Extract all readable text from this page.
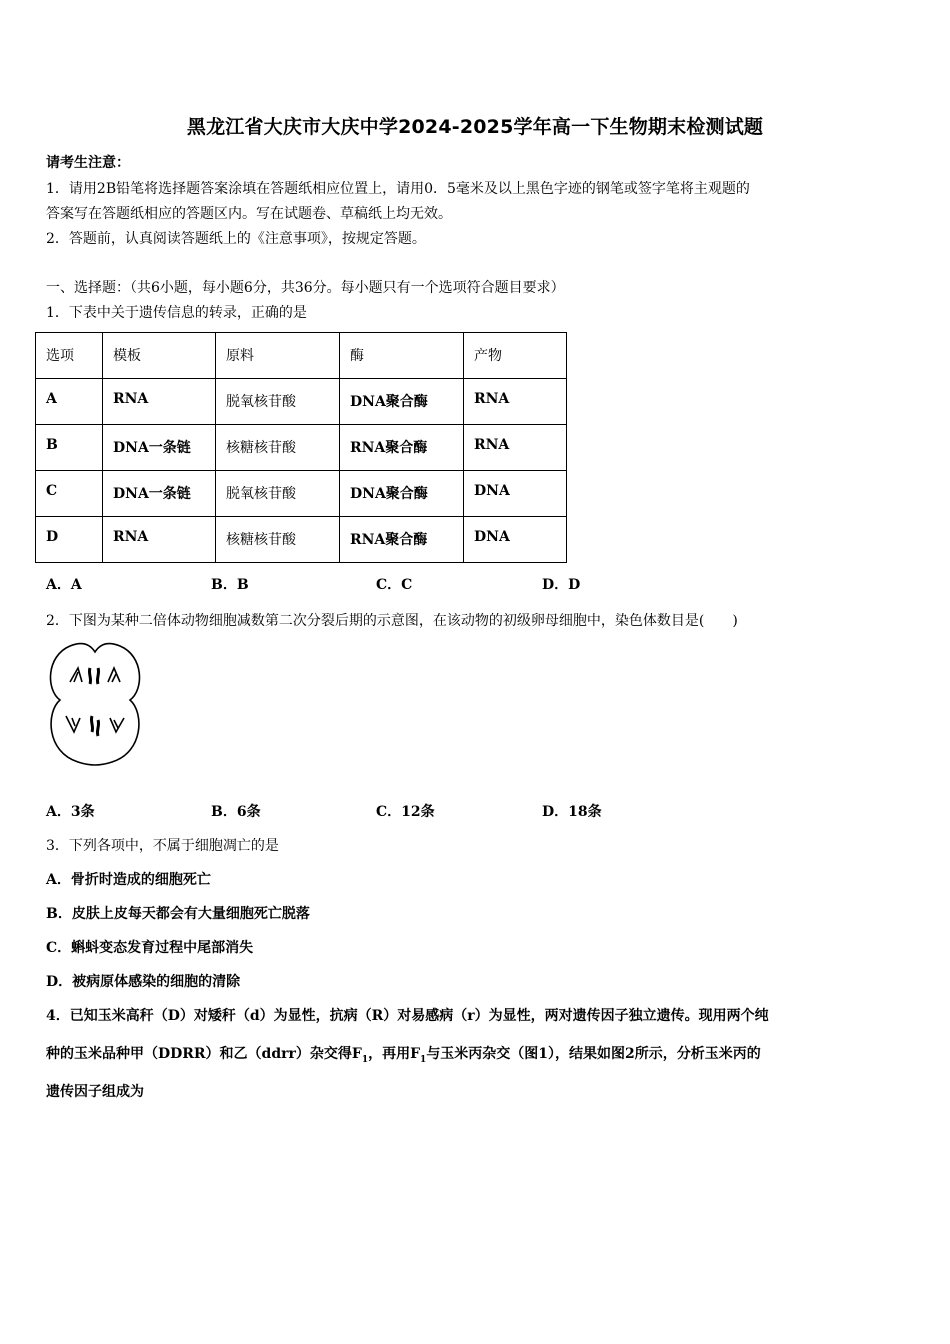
黑龙江省大庆市大庆中学2024-2025学年高一下生物期末检测试题
请考生注意：
1．请用2B铅笔将选择题答案涂填在答题纸相应位置上，请用0．5毫米及以上黑色字迹的钢笔或签字笔将主观题的
答案写在答题纸相应的答题区内。写在试题卷、草稿纸上均无效。
2．答题前，认真阅读答题纸上的《注意事项》，按规定答题。
一、选择题：（共6小题，每小题6分，共36分。每小题只有一个选项符合题目要求）
1．下表中关于遗传信息的转录，正确的是
选项	模板	原料	酶	产物
A	RNA	脱氧核苷酸	DNA聚合酶	RNA
B	DNA一条链	核糖核苷酸	RNA聚合酶	RNA
C	DNA一条链	脱氧核苷酸	DNA聚合酶	DNA
D	RNA	核糖核苷酸	RNA聚合酶	DNA
A．A	B．B	C．C	D．D
2．下图为某种二倍体动物细胞减数第二次分裂后期的示意图，在该动物的初级卵母细胞中，染色体数目是(　　)
A．3条	B．6条	C．12条	D．18条
3．下列各项中，不属于细胞凋亡的是
A．骨折时造成的细胞死亡
B．皮肤上皮每天都会有大量细胞死亡脱落
C．蝌蚪变态发育过程中尾部消失
D．被病原体感染的细胞的清除
4．已知玉米高秆（D）对矮秆（d）为显性，抗病（R）对易感病（r）为显性，两对遗传因子独立遗传。现用两个纯
种的玉米品种甲（DDRR）和乙（ddrr）杂交得$F_1$，再用$F_1$与玉米丙杂交（图1），结果如图2所示，分析玉米丙的
遗传因子组成为
